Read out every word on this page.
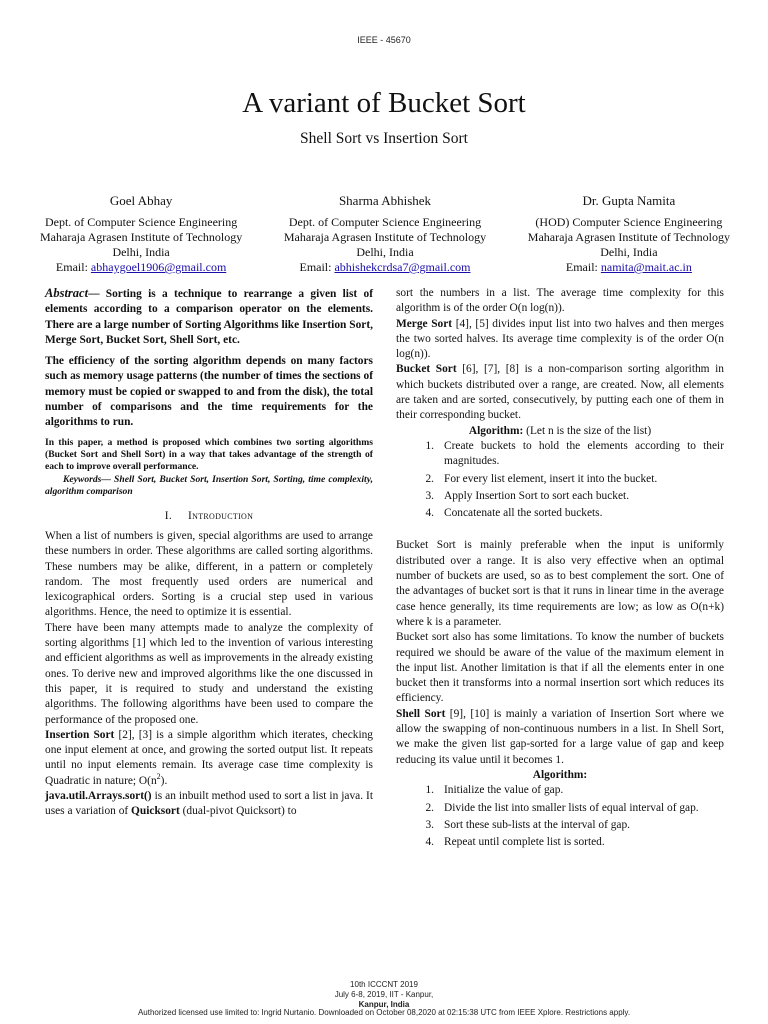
IEEE - 45670
A variant of Bucket Sort
Shell Sort vs Insertion Sort
Goel Abhay
Dept. of Computer Science Engineering
Maharaja Agrasen Institute of Technology
Delhi, India
Email: abhaygoel1906@gmail.com
Sharma Abhishek
Dept. of Computer Science Engineering
Maharaja Agrasen Institute of Technology
Delhi, India
Email: abhishekcrdsa7@gmail.com
Dr. Gupta Namita
(HOD) Computer Science Engineering
Maharaja Agrasen Institute of Technology
Delhi, India
Email: namita@mait.ac.in

Abstract— Sorting is a technique to rearrange a given list of elements according to a comparison operator on the elements. There are a large number of Sorting Algorithms like Insertion Sort, Merge Sort, Bucket Sort, Shell Sort, etc.

The efficiency of the sorting algorithm depends on many factors such as memory usage patterns (the number of times the sections of memory must be copied or swapped to and from the disk), the total number of comparisons and the time requirements for the algorithms to run.

In this paper, a method is proposed which combines two sorting algorithms (Bucket Sort and Shell Sort) in a way that takes advantage of the strength of each to improve overall performance.

Keywords— Shell Sort, Bucket Sort, Insertion Sort, Sorting, time complexity, algorithm comparison

I. Introduction

When a list of numbers is given, special algorithms are used to arrange these numbers in order. These algorithms are called sorting algorithms. These numbers may be alike, different, in a pattern or completely random. The most frequently used orders are numerical and lexicographical orders. Sorting is a crucial step used in various algorithms. Hence, the need to optimize it is essential.

There have been many attempts made to analyze the complexity of sorting algorithms [1] which led to the invention of various interesting and efficient algorithms as well as improvements in the already existing ones. To derive new and improved algorithms like the one discussed in this paper, it is required to study and understand the existing algorithms. The following algorithms have been used to compare the performance of the proposed one.

Insertion Sort [2], [3] is a simple algorithm which iterates, checking one input element at once, and growing the sorted output list. It repeats until no input elements remain. Its average case time complexity is Quadratic in nature; $O(n^2)$.

java.util.Arrays.sort() is an inbuilt method used to sort a list in java. It uses a variation of Quicksort (dual-pivot Quicksort) to

sort the numbers in a list. The average time complexity for this algorithm is of the order O(n log(n)).

Merge Sort [4], [5] divides input list into two halves and then merges the two sorted halves. Its average time complexity is of the order O(n log(n)).

Bucket Sort [6], [7], [8] is a non-comparison sorting algorithm in which buckets distributed over a range, are created. Now, all elements are taken and are sorted, consecutively, by putting each one of them in their corresponding bucket.

Algorithm: (Let n is the size of the list)

1. Create buckets to hold the elements according to their magnitudes.
2. For every list element, insert it into the bucket.
3. Apply Insertion Sort to sort each bucket.
4. Concatenate all the sorted buckets.

Bucket Sort is mainly preferable when the input is uniformly distributed over a range. It is also very effective when an optimal number of buckets are used, so as to best complement the sort. One of the advantages of bucket sort is that it runs in linear time in the average case hence generally, its time requirements are low; as low as O(n+k) where k is a parameter.

Bucket sort also has some limitations. To know the number of buckets required we should be aware of the value of the maximum element in the input list. Another limitation is that if all the elements enter in one bucket then it transforms into a normal insertion sort which reduces its efficiency.

Shell Sort [9], [10] is mainly a variation of Insertion Sort where we allow the swapping of non-continuous numbers in a list. In Shell Sort, we make the given list gap-sorted for a large value of gap and keep reducing its value until it becomes 1.

Algorithm:

1. Initialize the value of gap.
2. Divide the list into smaller lists of equal interval of gap.
3. Sort these sub-lists at the interval of gap.
4. Repeat until complete list is sorted.
10th ICCCNT 2019
July 6-8, 2019, IIT - Kanpur,
Kanpur, India
Authorized licensed use limited to: Ingrid Nurtanio. Downloaded on October 08,2020 at 02:15:38 UTC from IEEE Xplore. Restrictions apply.
